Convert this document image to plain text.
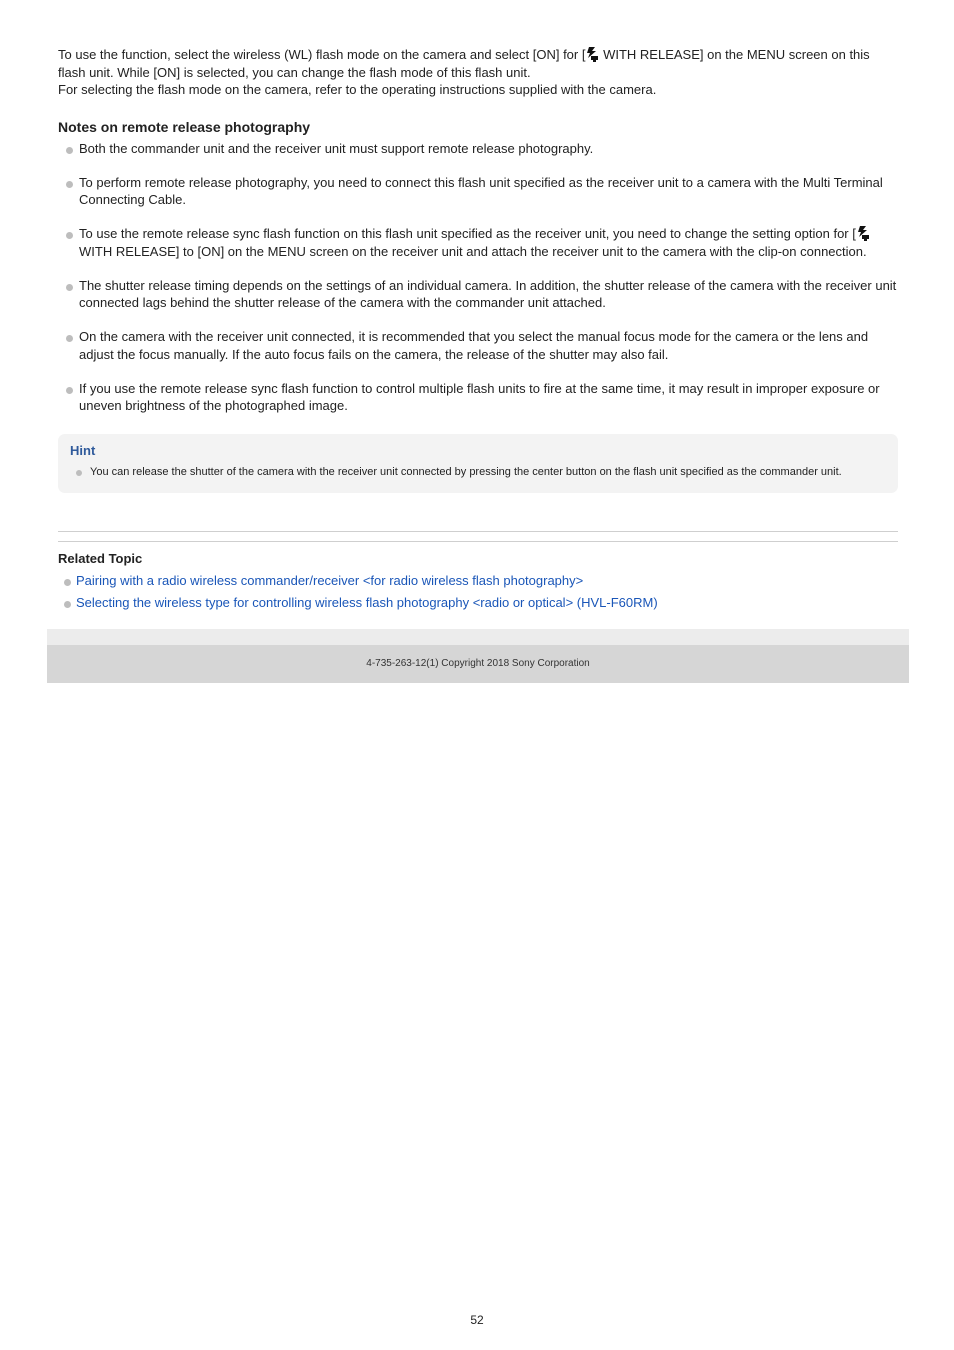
To use the function, select the wireless (WL) flash mode on the camera and select [ON] for [ WITH RELEASE] on the MENU screen on this flash unit. While [ON] is selected, you can change the flash mode of this flash unit.

For selecting the flash mode on the camera, refer to the operating instructions supplied with the camera.

Notes on remote release photography
Both the commander unit and the receiver unit must support remote release photography.
To perform remote release photography, you need to connect this flash unit specified as the receiver unit to a camera with the Multi Terminal Connecting Cable.
To use the remote release sync flash function on this flash unit specified as the receiver unit, you need to change the setting option for [ WITH RELEASE] to [ON] on the MENU screen on the receiver unit and attach the receiver unit to the camera with the clip-on connection.
The shutter release timing depends on the settings of an individual camera. In addition, the shutter release of the camera with the receiver unit connected lags behind the shutter release of the camera with the commander unit attached.
On the camera with the receiver unit connected, it is recommended that you select the manual focus mode for the camera or the lens and adjust the focus manually. If the auto focus fails on the camera, the release of the shutter may also fail.
If you use the remote release sync flash function to control multiple flash units to fire at the same time, it may result in improper exposure or uneven brightness of the photographed image.
Hint
You can release the shutter of the camera with the receiver unit connected by pressing the center button on the flash unit specified as the commander unit.
Related Topic
Pairing with a radio wireless commander/receiver <for radio wireless flash photography>
Selecting the wireless type for controlling wireless flash photography <radio or optical> (HVL-F60RM)
4-735-263-12(1) Copyright 2018 Sony Corporation
52
